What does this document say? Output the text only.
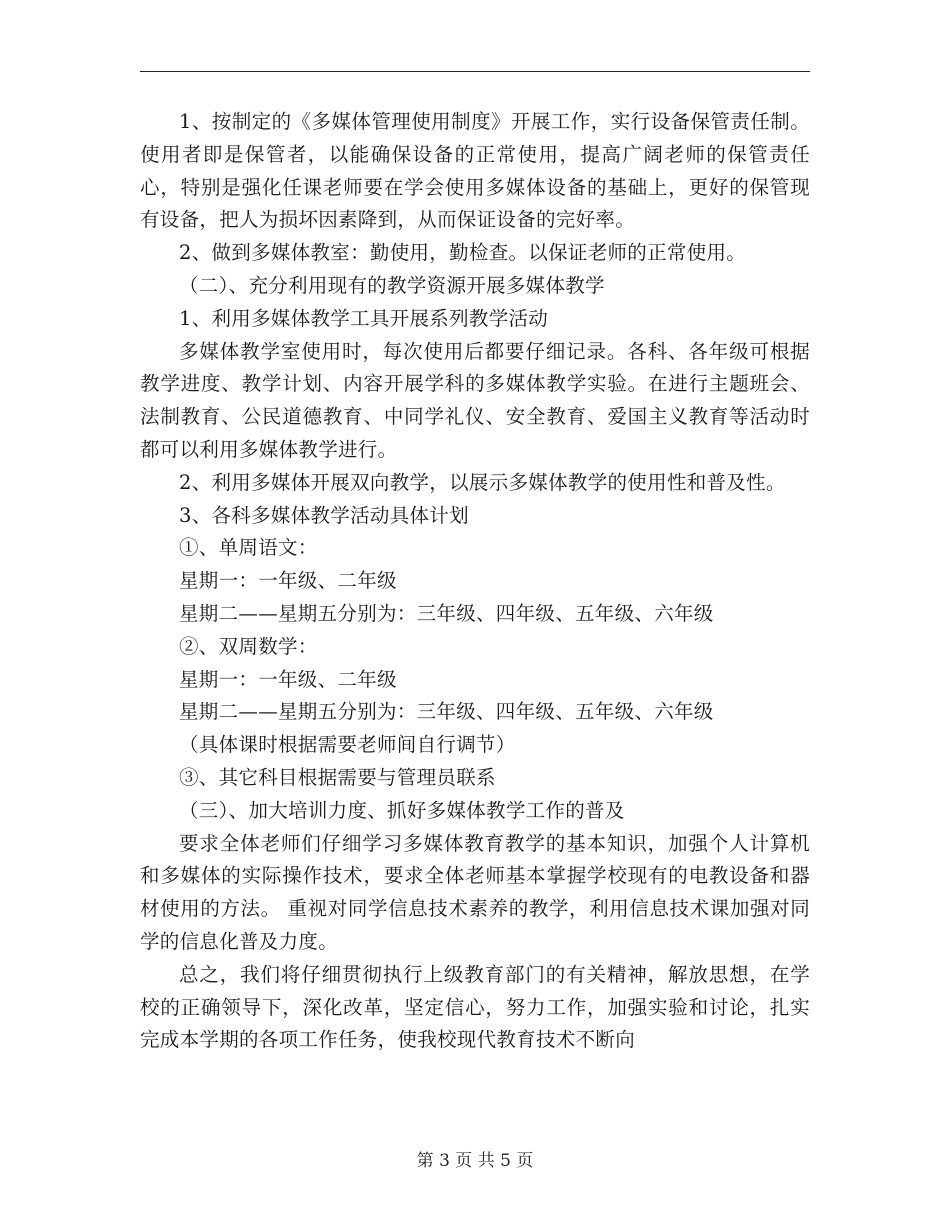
1、按制定的《多媒体管理使用制度》开展工作，实行设备保管责任制。使用者即是保管者，以能确保设备的正常使用，提高广阔老师的保管责任心，特别是强化任课老师要在学会使用多媒体设备的基础上，更好的保管现有设备，把人为损坏因素降到，从而保证设备的完好率。

2、做到多媒体教室：勤使用，勤检查。以保证老师的正常使用。

（二）、充分利用现有的教学资源开展多媒体教学

1、利用多媒体教学工具开展系列教学活动

多媒体教学室使用时，每次使用后都要仔细记录。各科、各年级可根据教学进度、教学计划、内容开展学科的多媒体教学实验。在进行主题班会、法制教育、公民道德教育、中同学礼仪、安全教育、爱国主义教育等活动时都可以利用多媒体教学进行。

2、利用多媒体开展双向教学，以展示多媒体教学的使用性和普及性。

3、各科多媒体教学活动具体计划

①、单周语文：

星期一：一年级、二年级

星期二——星期五分别为：三年级、四年级、五年级、六年级

②、双周数学：

星期一：一年级、二年级

星期二——星期五分别为：三年级、四年级、五年级、六年级

（具体课时根据需要老师间自行调节）

③、其它科目根据需要与管理员联系

（三）、加大培训力度、抓好多媒体教学工作的普及

要求全体老师们仔细学习多媒体教育教学的基本知识，加强个人计算机和多媒体的实际操作技术，要求全体老师基本掌握学校现有的电教设备和器材使用的方法。 重视对同学信息技术素养的教学，利用信息技术课加强对同学的信息化普及力度。

总之，我们将仔细贯彻执行上级教育部门的有关精神，解放思想，在学校的正确领导下，深化改革，坚定信心，努力工作，加强实验和讨论，扎实完成本学期的各项工作任务，使我校现代教育技术不断向

第 3 页 共 5 页
